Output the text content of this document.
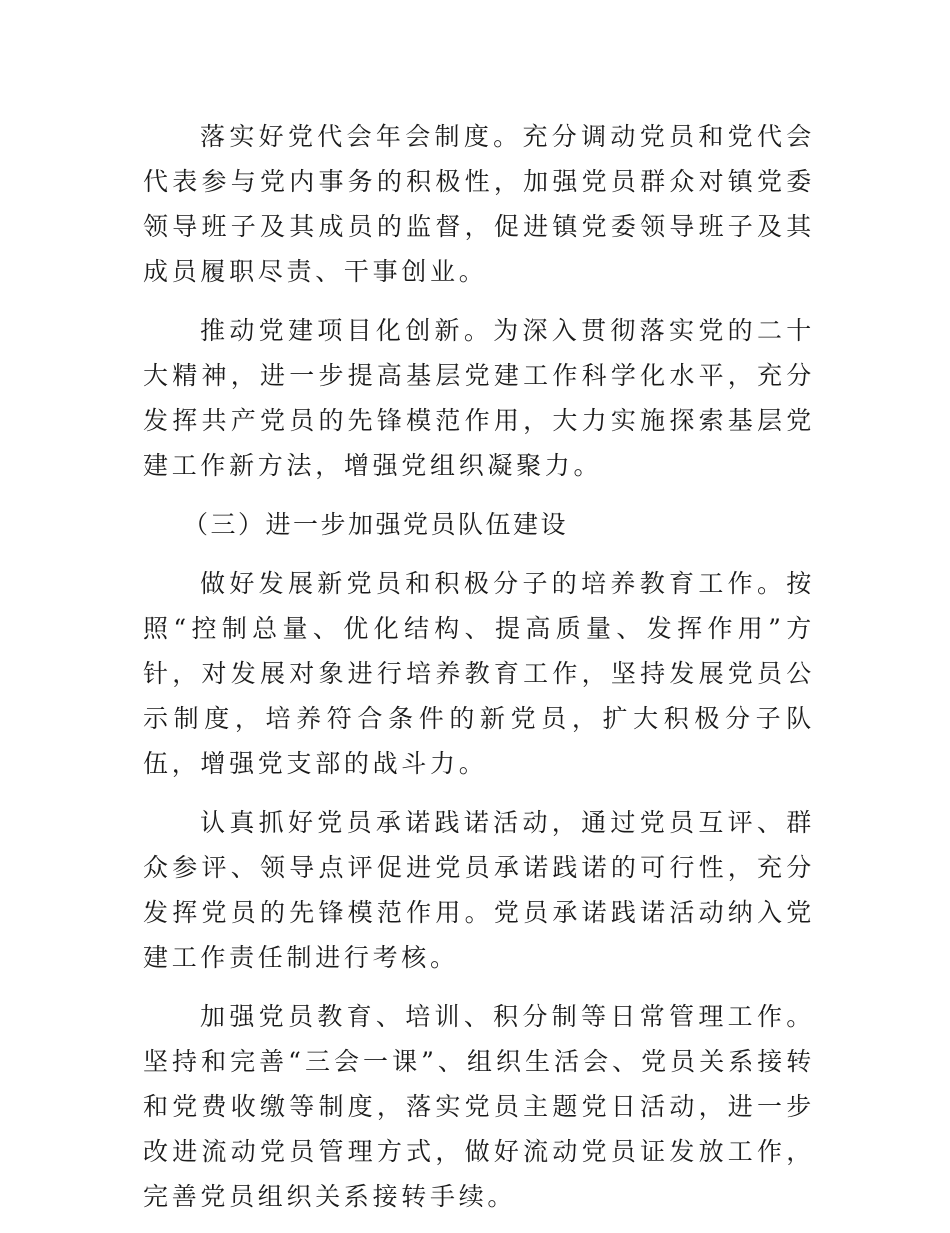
落实好党代会年会制度。充分调动党员和党代会代表参与党内事务的积极性，加强党员群众对镇党委领导班子及其成员的监督，促进镇党委领导班子及其成员履职尽责、干事创业。

推动党建项目化创新。为深入贯彻落实党的二十大精神，进一步提高基层党建工作科学化水平，充分发挥共产党员的先锋模范作用，大力实施探索基层党建工作新方法，增强党组织凝聚力。

（三）进一步加强党员队伍建设

做好发展新党员和积极分子的培养教育工作。按照“控制总量、优化结构、提高质量、发挥作用”方针，对发展对象进行培养教育工作，坚持发展党员公示制度，培养符合条件的新党员，扩大积极分子队伍，增强党支部的战斗力。

认真抓好党员承诺践诺活动，通过党员互评、群众参评、领导点评促进党员承诺践诺的可行性，充分发挥党员的先锋模范作用。党员承诺践诺活动纳入党建工作责任制进行考核。

加强党员教育、培训、积分制等日常管理工作。坚持和完善“三会一课”、组织生活会、党员关系接转和党费收缴等制度，落实党员主题党日活动，进一步改进流动党员管理方式，做好流动党员证发放工作，完善党员组织关系接转手续。
